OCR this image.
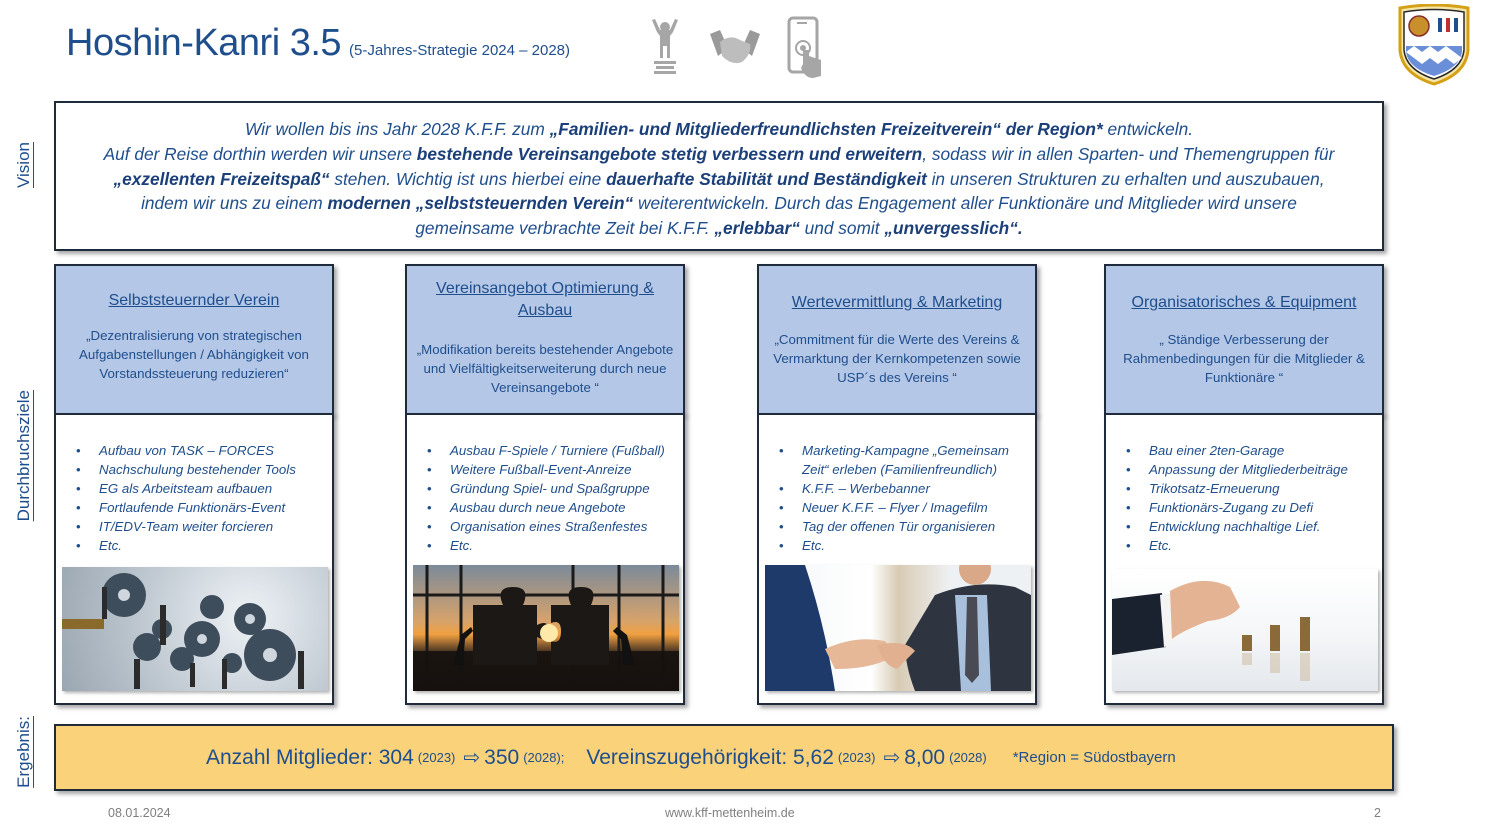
Hoshin-Kanri 3.5 (5-Jahres-Strategie 2024 – 2028)
Vision
Durchbruchsziele
Ergebnis:
Wir wollen bis ins Jahr 2028 K.F.F. zum „Familien- und Mitgliederfreundlichsten Freizeitverein“ der Region* entwickeln.
Auf der Reise dorthin werden wir unsere bestehende Vereinsangebote stetig verbessern und erweitern, sodass wir in allen Sparten- und Themengruppen für
„exzellenten Freizeitspaß“ stehen. Wichtig ist uns hierbei eine dauerhafte Stabilität und Beständigkeit in unseren Strukturen zu erhalten und auszubauen,
indem wir uns zu einem modernen „selbststeuernden Verein“ weiterentwickeln. Durch das Engagement aller Funktionäre und Mitglieder wird unsere
gemeinsame verbrachte Zeit bei K.F.F. „erlebbar“ und somit „unvergesslich“.
Selbststeuernder Verein
„Dezentralisierung von strategischen Aufgabenstellungen / Abhängigkeit von Vorstandssteuerung reduzieren“
• Aufbau von TASK – FORCES
• Nachschulung bestehender Tools
• EG als Arbeitsteam aufbauen
• Fortlaufende Funktionärs-Event
• IT/EDV-Team weiter forcieren
• Etc.
Vereinsangebot Optimierung & Ausbau
„Modifikation bereits bestehender Angebote und Vielfältigkeitserweiterung durch neue Vereinsangebote “
• Ausbau F-Spiele / Turniere (Fußball)
• Weitere Fußball-Event-Anreize
• Gründung Spiel- und Spaßgruppe
• Ausbau durch neue Angebote
• Organisation eines Straßenfestes
• Etc.
Wertevermittlung & Marketing
„Commitment für die Werte des Vereins & Vermarktung der Kernkompetenzen sowie USP´s des Vereins “
• Marketing-Kampagne „Gemeinsam Zeit“ erleben (Familienfreundlich)
• K.F.F. – Werbebanner
• Neuer K.F.F. – Flyer / Imagefilm
• Tag der offenen Tür organisieren
• Etc.
Organisatorisches & Equipment
„ Ständige Verbesserung der Rahmenbedingungen für die Mitglieder & Funktionäre “
• Bau einer 2ten-Garage
• Anpassung der Mitgliederbeiträge
• Trikotsatz-Erneuerung
• Funktionärs-Zugang zu Defi
• Entwicklung nachhaltige Lief.
• Etc.
Anzahl Mitglieder: 304 (2023) ⇨ 350 (2028); Vereinszugehörigkeit: 5,62 (2023) ⇨ 8,00 (2028) *Region = Südostbayern
08.01.2024	www.kff-mettenheim.de	2
